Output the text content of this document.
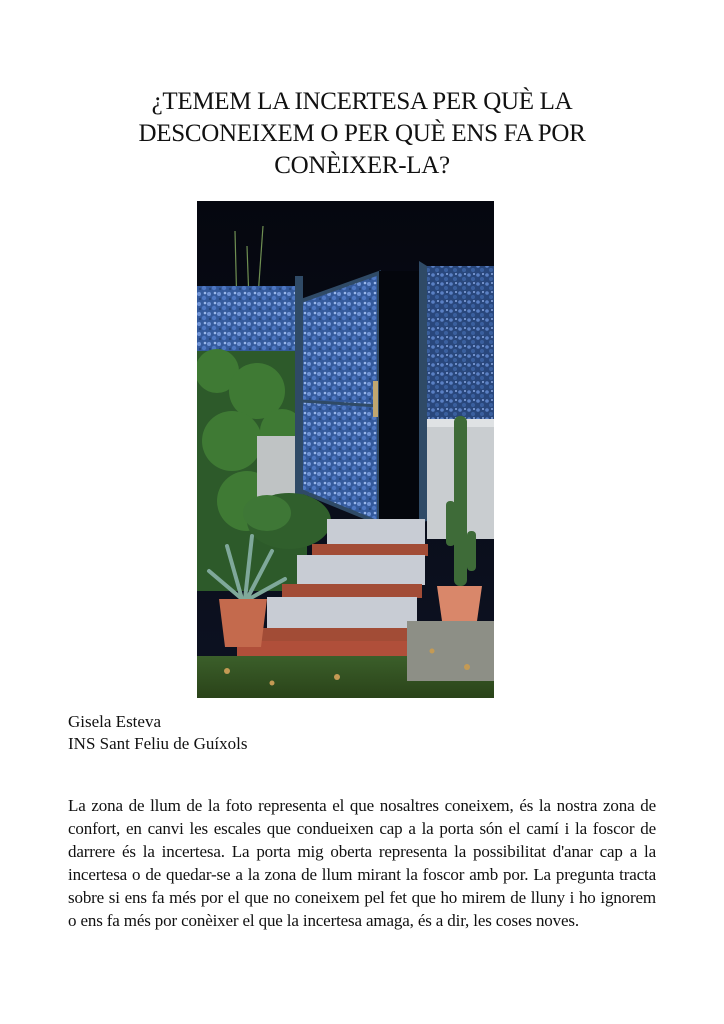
¿TEMEM LA INCERTESA PER QUÈ LA
DESCONEIXEM O PER QUÈ ENS FA POR
CONÈIXER-LA?
Gisela Esteva
INS Sant Feliu de Guíxols

La zona de llum de la foto representa el que nosaltres coneixem, és la nostra zona de confort, en canvi les escales que condueixen cap a la porta són el camí i la foscor de darrere és la incertesa. La porta mig oberta representa la possibilitat d'anar cap a la incertesa o de quedar-se a la zona de llum mirant la foscor amb por. La pregunta tracta sobre si ens fa més por el que no coneixem pel fet que ho mirem de lluny i ho ignorem o ens fa més por conèixer el que la incertesa amaga, és a dir, les coses noves.
